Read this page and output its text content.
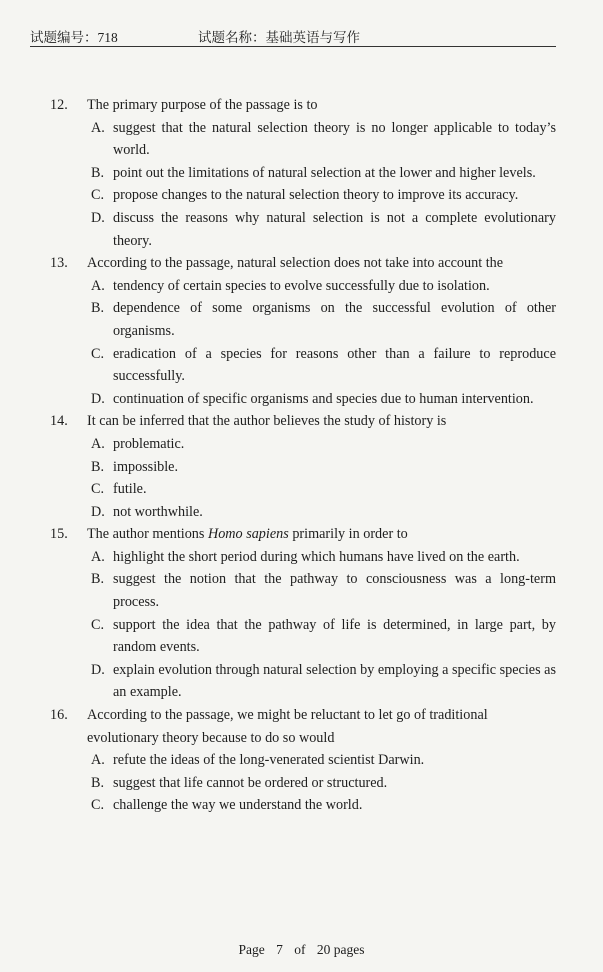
试题编号：718	试题名称：基础英语与写作
12. The primary purpose of the passage is to
A. suggest that the natural selection theory is no longer applicable to today’s world.
B. point out the limitations of natural selection at the lower and higher levels.
C. propose changes to the natural selection theory to improve its accuracy.
D. discuss the reasons why natural selection is not a complete evolutionary theory.
13. According to the passage, natural selection does not take into account the
A. tendency of certain species to evolve successfully due to isolation.
B. dependence of some organisms on the successful evolution of other organisms.
C. eradication of a species for reasons other than a failure to reproduce successfully.
D. continuation of specific organisms and species due to human intervention.
14. It can be inferred that the author believes the study of history is
A. problematic.
B. impossible.
C. futile.
D. not worthwhile.
15. The author mentions Homo sapiens primarily in order to
A. highlight the short period during which humans have lived on the earth.
B. suggest the notion that the pathway to consciousness was a long-term process.
C. support the idea that the pathway of life is determined, in large part, by random events.
D. explain evolution through natural selection by employing a specific species as an example.
16. According to the passage, we might be reluctant to let go of traditional evolutionary theory because to do so would
A. refute the ideas of the long-venerated scientist Darwin.
B. suggest that life cannot be ordered or structured.
C. challenge the way we understand the world.
Page 7 of 20 pages
